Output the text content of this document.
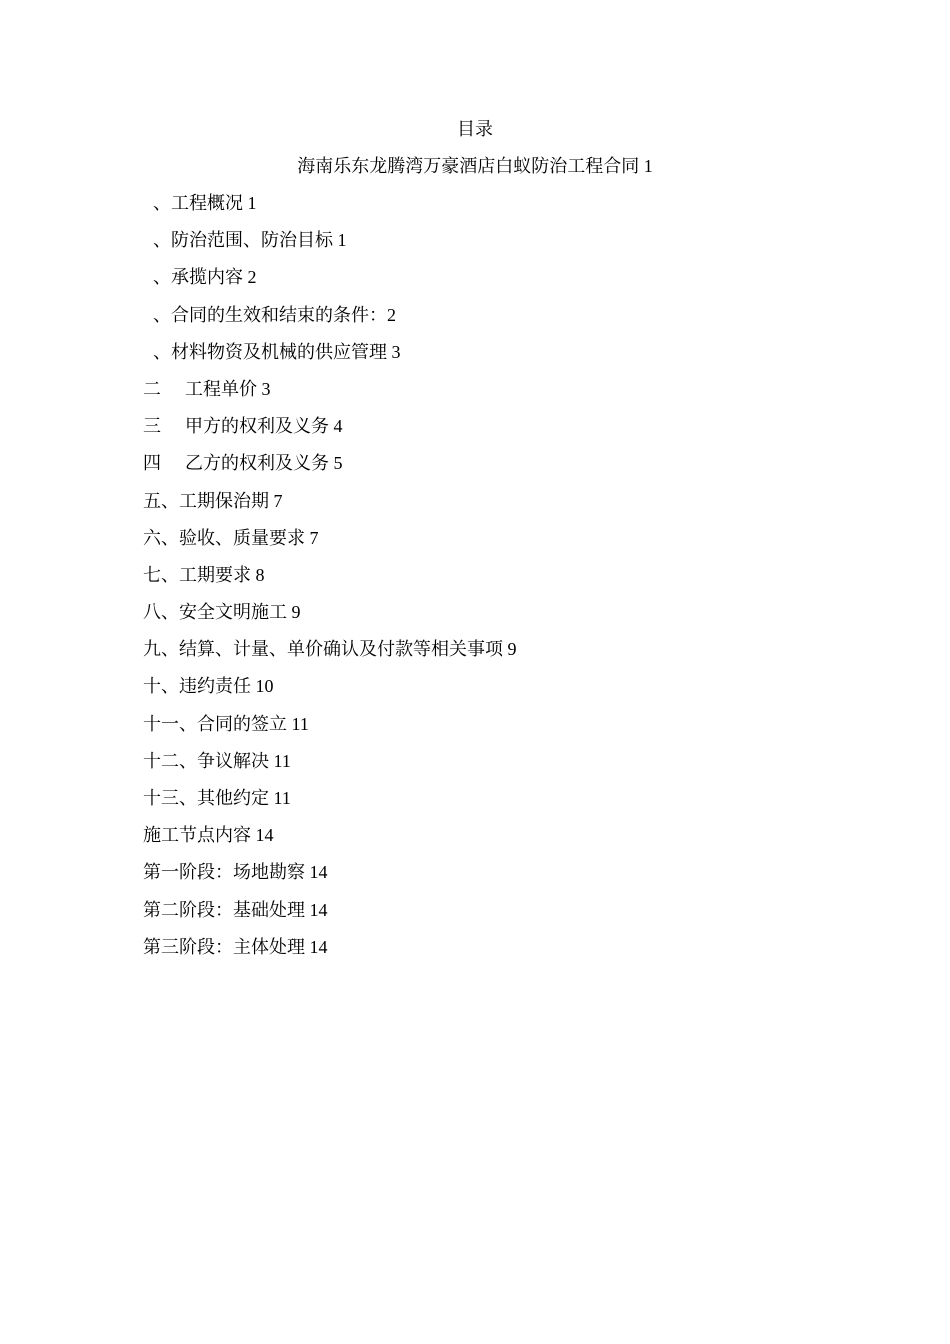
目录
海南乐东龙腾湾万豪酒店白蚁防治工程合同 1
、工程概况 1
、防治范围、防治目标 1
、承揽内容 2
、合同的生效和结束的条件：2
、材料物资及机械的供应管理 3
二 工程单价 3
三 甲方的权利及义务 4
四 乙方的权利及义务 5
五、工期保治期 7
六、验收、质量要求 7
七、工期要求 8
八、安全文明施工 9
九、结算、计量、单价确认及付款等相关事项 9
十、违约责任 10
十一、合同的签立 11
十二、争议解决 11
十三、其他约定 11
施工节点内容 14
第一阶段：场地勘察 14
第二阶段：基础处理 14
第三阶段：主体处理 14
